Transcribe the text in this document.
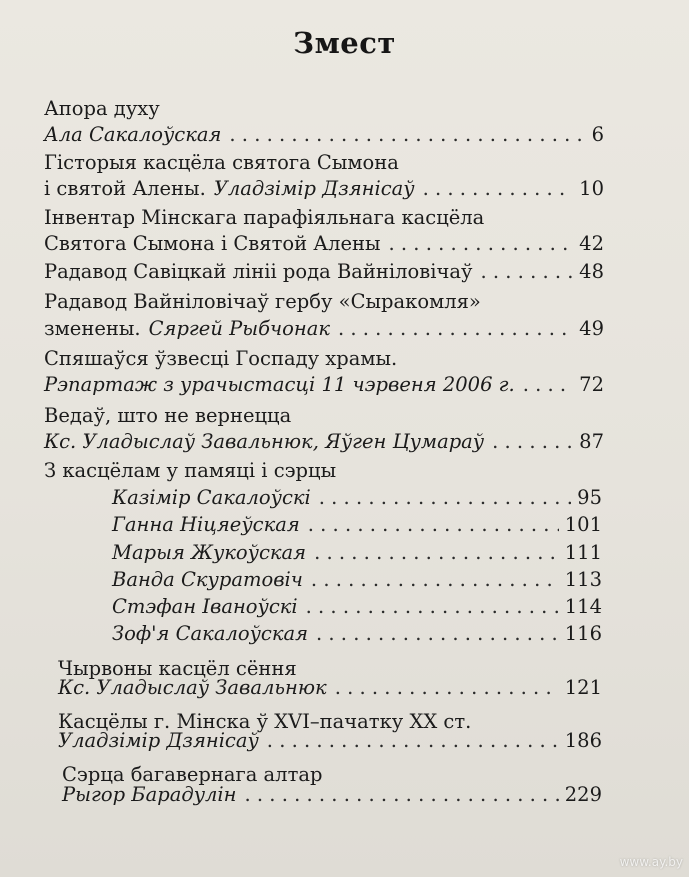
Змест
Апора духу
Ала Сакалоўская . . .	6
Гісторыя касцёла святога Сымона
і святой Алены. Уладзімір Дзянісаў . . .	10
Інвентар Мінскага парафіяльнага касцёла
Святога Сымона і Святой Алены . . .	42
Радавод Савіцкай лініі рода Вайніловічаў . . .	48
Радавод Вайніловічаў гербу «Сыракомля»
зменены. Сяргей Рыбчонак . . .	49
Спяшаўся ўзвесці Госпаду храмы.
Рэпартаж з урачыстасці 11 чэрвеня 2006 г. . . .	72
Ведаў, што не вернецца
Кс. Уладыслаў Завальнюк, Яўген Цумараў . . .	87
З касцёлам у памяці і сэрцы
Казімір Сакалоўскі . . .	95
Ганна Ніцяеўская . . .	101
Марыя Жукоўская . . .	111
Ванда Скуратовіч . . .	113
Стэфан Іваноўскі . . .	114
Зоф'я Сакалоўская . . .	116
Чырвоны касцёл сёння
Кс. Уладыслаў Завальнюк . . .	121
Касцёлы г. Мінска ў XVI–пачатку XX ст.
Уладзімір Дзянісаў . . .	186
Сэрца багавернага алтар
Рыгор Барадулін . . .	229
www.ay.by
